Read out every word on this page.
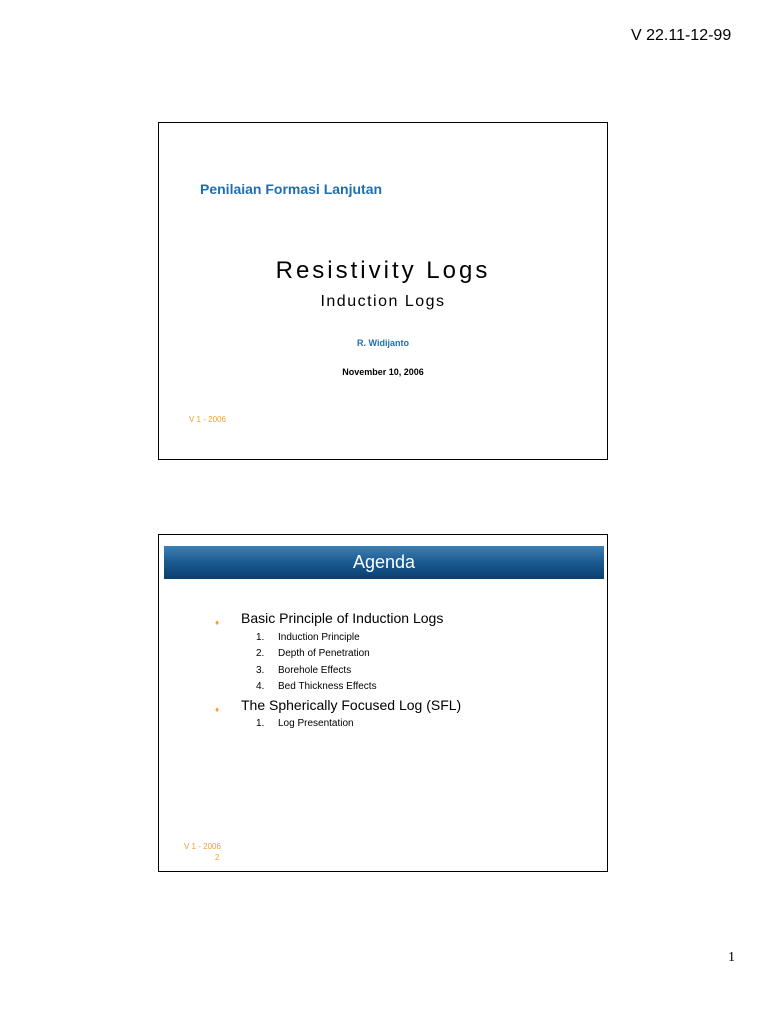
V 22.11-12-99
Penilaian Formasi Lanjutan
Resistivity Logs
Induction Logs
R. Widijanto
November 10, 2006
V 1 - 2006
Agenda
♦ Basic Principle of Induction Logs
1. Induction Principle
2. Depth of Penetration
3. Borehole Effects
4. Bed Thickness Effects
♦ The Spherically Focused Log (SFL)
1. Log Presentation
V 1 - 2006
2
1
